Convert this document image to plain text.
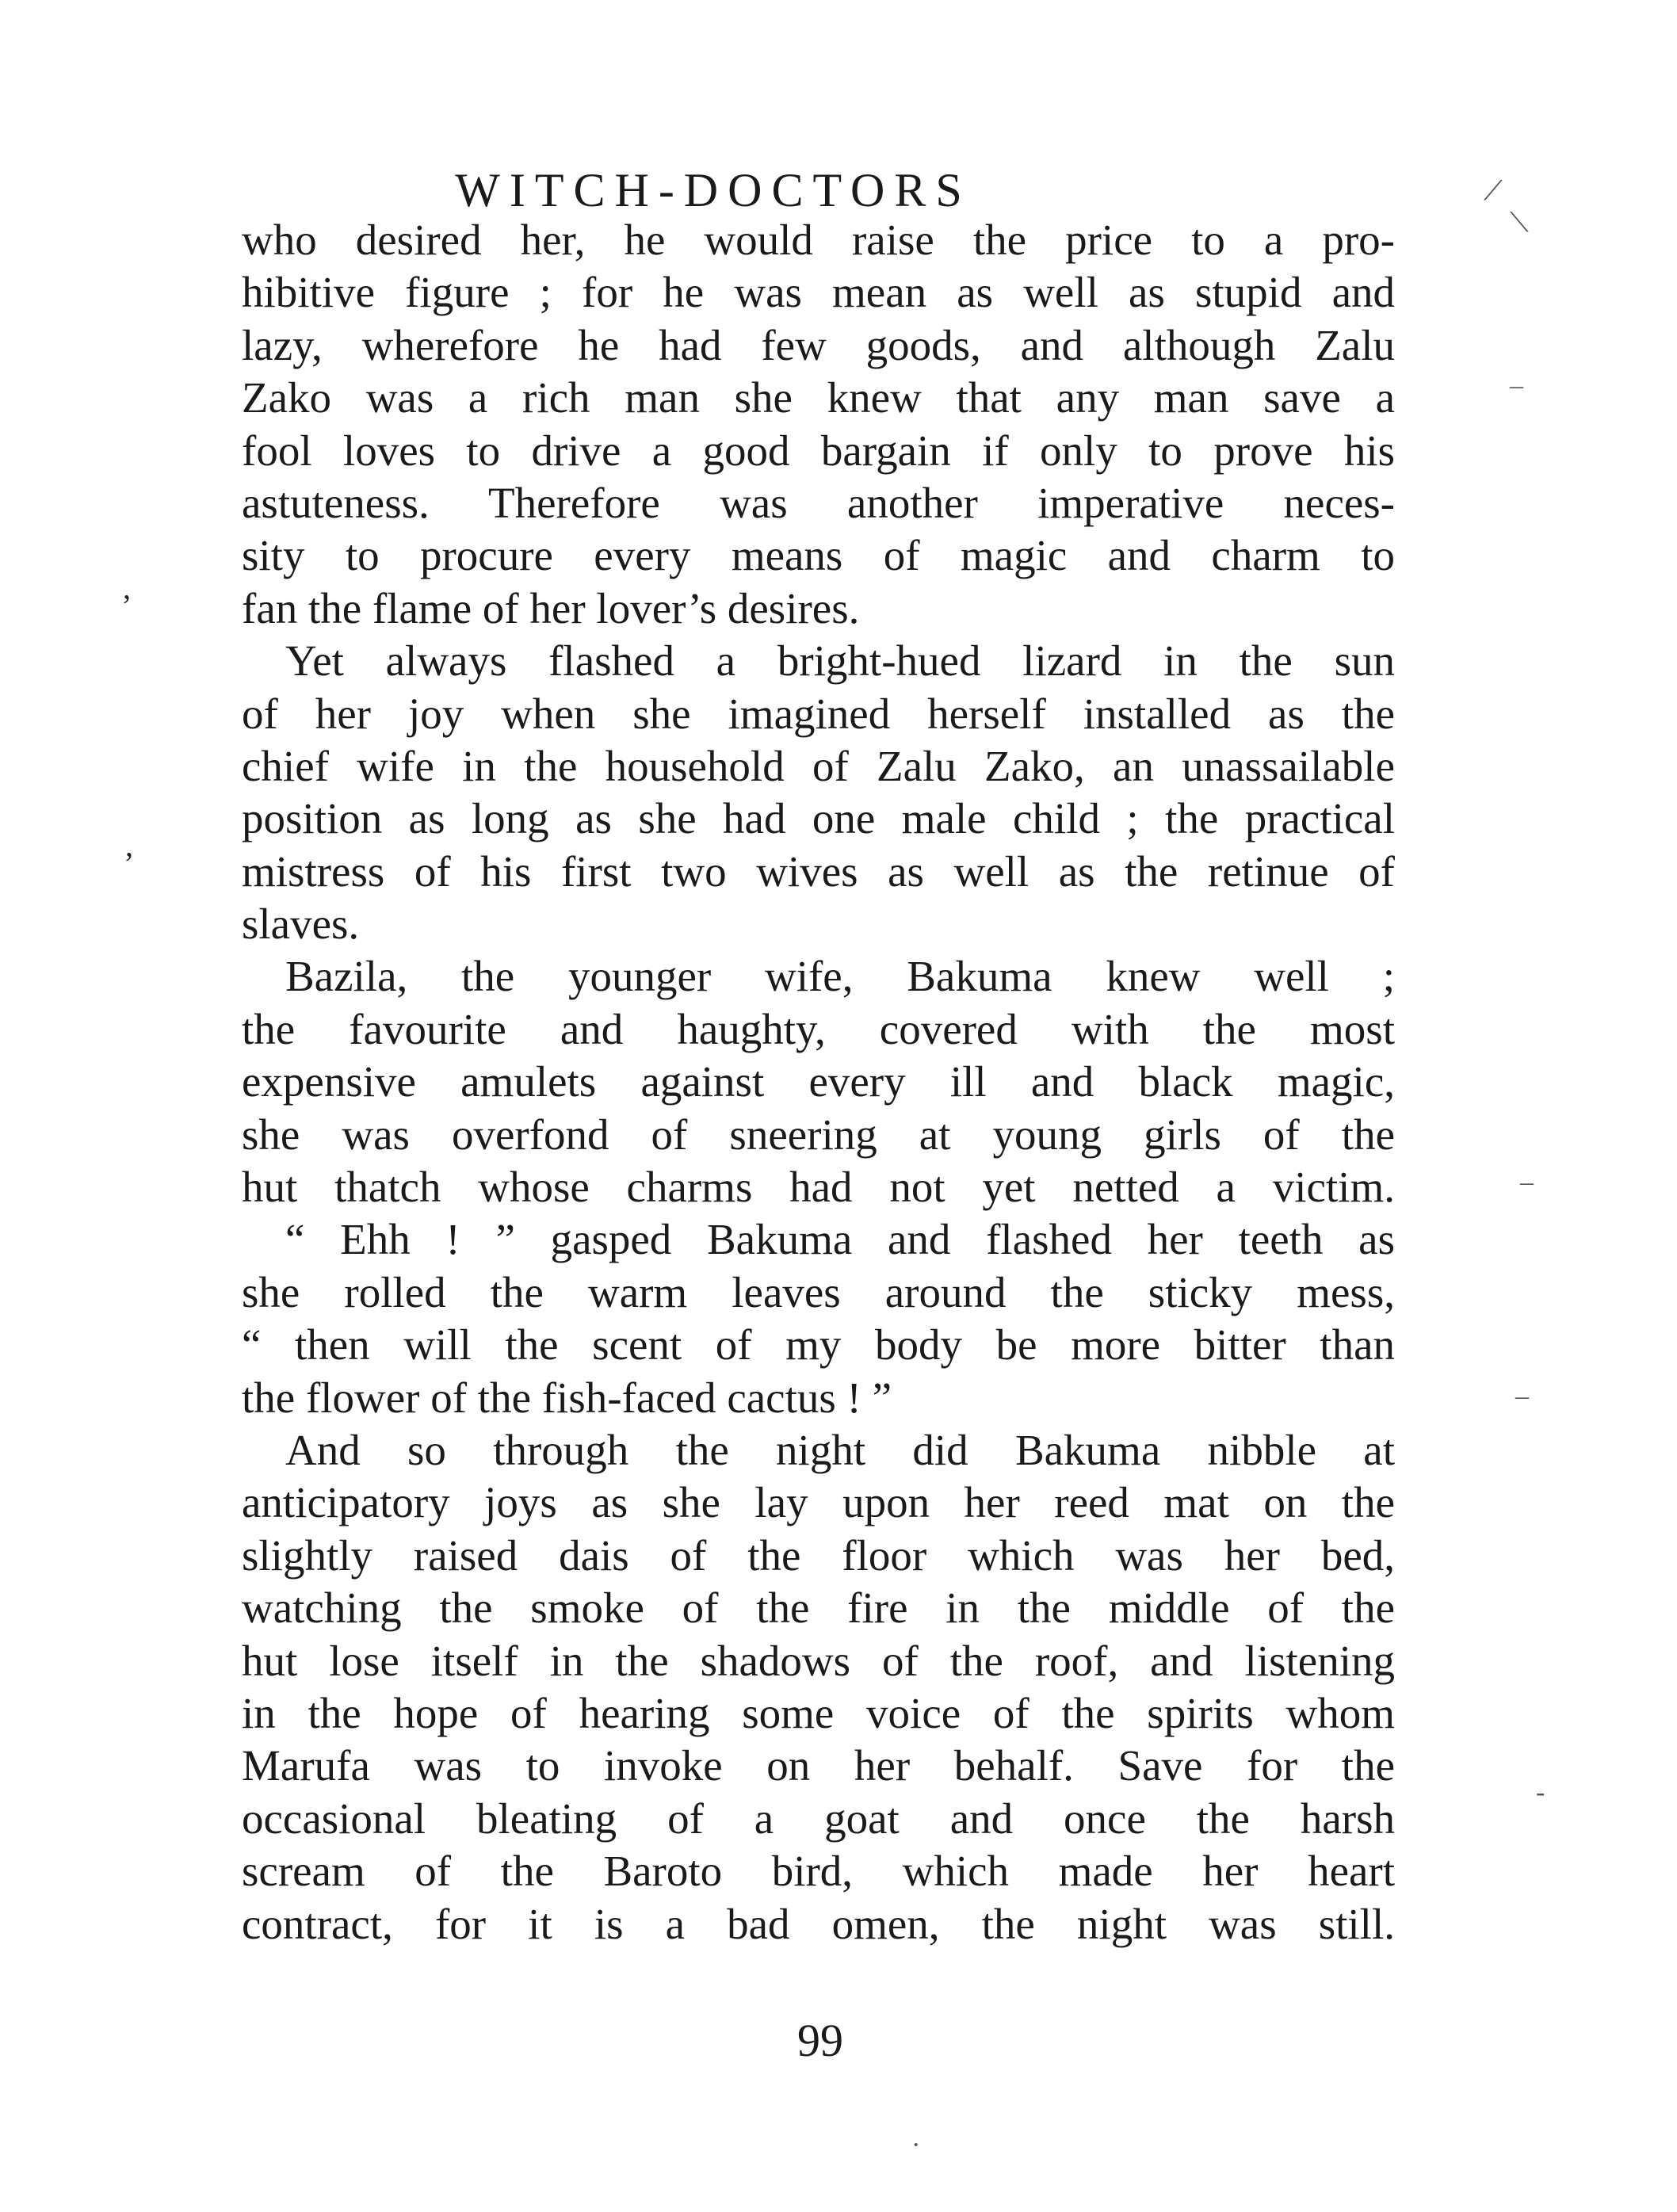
WITCH-DOCTORS
who desired her, he would raise the price to a pro-
hibitive figure ; for he was mean as well as stupid and
lazy, wherefore he had few goods, and although Zalu
Zako was a rich man she knew that any man save a
fool loves to drive a good bargain if only to prove his
astuteness. Therefore was another imperative neces-
sity to procure every means of magic and charm to
fan the flame of her lover’s desires.
Yet always flashed a bright-hued lizard in the sun
of her joy when she imagined herself installed as the
chief wife in the household of Zalu Zako, an unassailable
position as long as she had one male child ; the practical
mistress of his first two wives as well as the retinue of
slaves.
Bazila, the younger wife, Bakuma knew well ;
the favourite and haughty, covered with the most
expensive amulets against every ill and black magic,
she was overfond of sneering at young girls of the
hut thatch whose charms had not yet netted a victim.
“ Ehh ! ” gasped Bakuma and flashed her teeth as
she rolled the warm leaves around the sticky mess,
“ then will the scent of my body be more bitter than
the flower of the fish-faced cactus ! ”
And so through the night did Bakuma nibble at
anticipatory joys as she lay upon her reed mat on the
slightly raised dais of the floor which was her bed,
watching the smoke of the fire in the middle of the
hut lose itself in the shadows of the roof, and listening
in the hope of hearing some voice of the spirits whom
Marufa was to invoke on her behalf. Save for the
occasional bleating of a goat and once the harsh
scream of the Baroto bird, which made her heart
contract, for it is a bad omen, the night was still.
99
,
,
⟋
⟍
–
–
–
-
·
